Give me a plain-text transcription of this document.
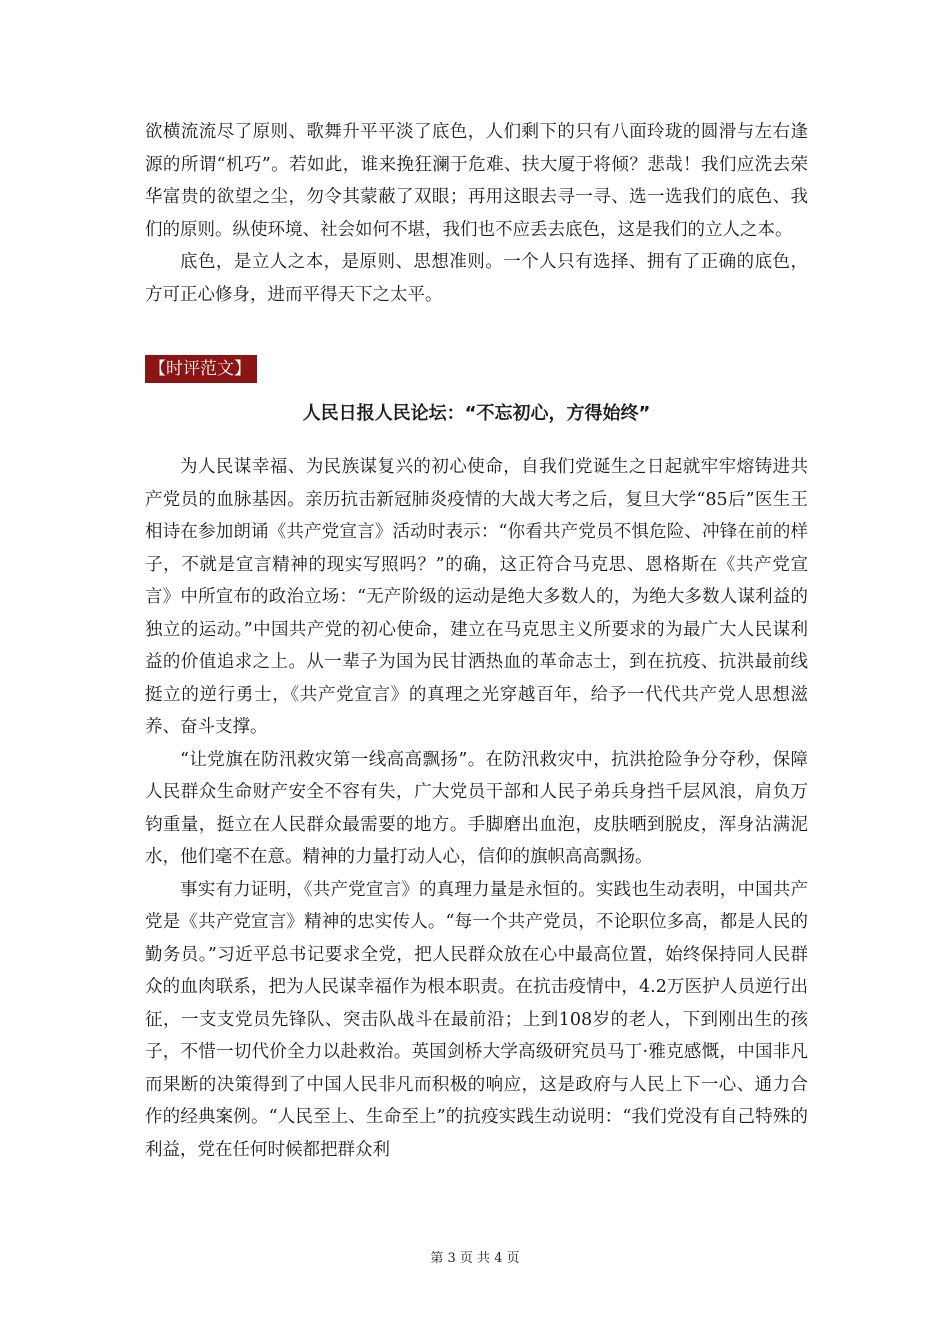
欲横流流尽了原则、歌舞升平平淡了底色，人们剩下的只有八面玲珑的圆滑与左右逢源的所谓“机巧”。若如此，谁来挽狂澜于危难、扶大厦于将倾？悲哉！我们应洗去荣华富贵的欲望之尘，勿令其蒙蔽了双眼；再用这眼去寻一寻、选一选我们的底色、我们的原则。纵使环境、社会如何不堪，我们也不应丢去底色，这是我们的立人之本。

底色，是立人之本，是原则、思想准则。一个人只有选择、拥有了正确的底色，方可正心修身，进而平得天下之太平。

【时评范文】
人民日报人民论坛：“不忘初心，方得始终”

为人民谋幸福、为民族谋复兴的初心使命，自我们党诞生之日起就牢牢熔铸进共产党员的血脉基因。亲历抗击新冠肺炎疫情的大战大考之后，复旦大学“85后”医生王相诗在参加朗诵《共产党宣言》活动时表示：“你看共产党员不惧危险、冲锋在前的样子，不就是宣言精神的现实写照吗？”的确，这正符合马克思、恩格斯在《共产党宣言》中所宣布的政治立场：“无产阶级的运动是绝大多数人的，为绝大多数人谋利益的独立的运动。”中国共产党的初心使命，建立在马克思主义所要求的为最广大人民谋利益的价值追求之上。从一辈子为国为民甘洒热血的革命志士，到在抗疫、抗洪最前线挺立的逆行勇士，《共产党宣言》的真理之光穿越百年，给予一代代共产党人思想滋养、奋斗支撑。

“让党旗在防汛救灾第一线高高飘扬”。在防汛救灾中，抗洪抢险争分夺秒，保障人民群众生命财产安全不容有失，广大党员干部和人民子弟兵身挡千层风浪，肩负万钧重量，挺立在人民群众最需要的地方。手脚磨出血泡，皮肤晒到脱皮，浑身沾满泥水，他们毫不在意。精神的力量打动人心，信仰的旗帜高高飘扬。

事实有力证明，《共产党宣言》的真理力量是永恒的。实践也生动表明，中国共产党是《共产党宣言》精神的忠实传人。“每一个共产党员，不论职位多高，都是人民的勤务员。”习近平总书记要求全党，把人民群众放在心中最高位置，始终保持同人民群众的血肉联系，把为人民谋幸福作为根本职责。在抗击疫情中，4.2万医护人员逆行出征，一支支党员先锋队、突击队战斗在最前沿；上到108岁的老人，下到刚出生的孩子，不惜一切代价全力以赴救治。英国剑桥大学高级研究员马丁·雅克感慨，中国非凡而果断的决策得到了中国人民非凡而积极的响应，这是政府与人民上下一心、通力合作的经典案例。“人民至上、生命至上”的抗疫实践生动说明：“我们党没有自己特殊的利益，党在任何时候都把群众利

第 3 页 共 4 页
